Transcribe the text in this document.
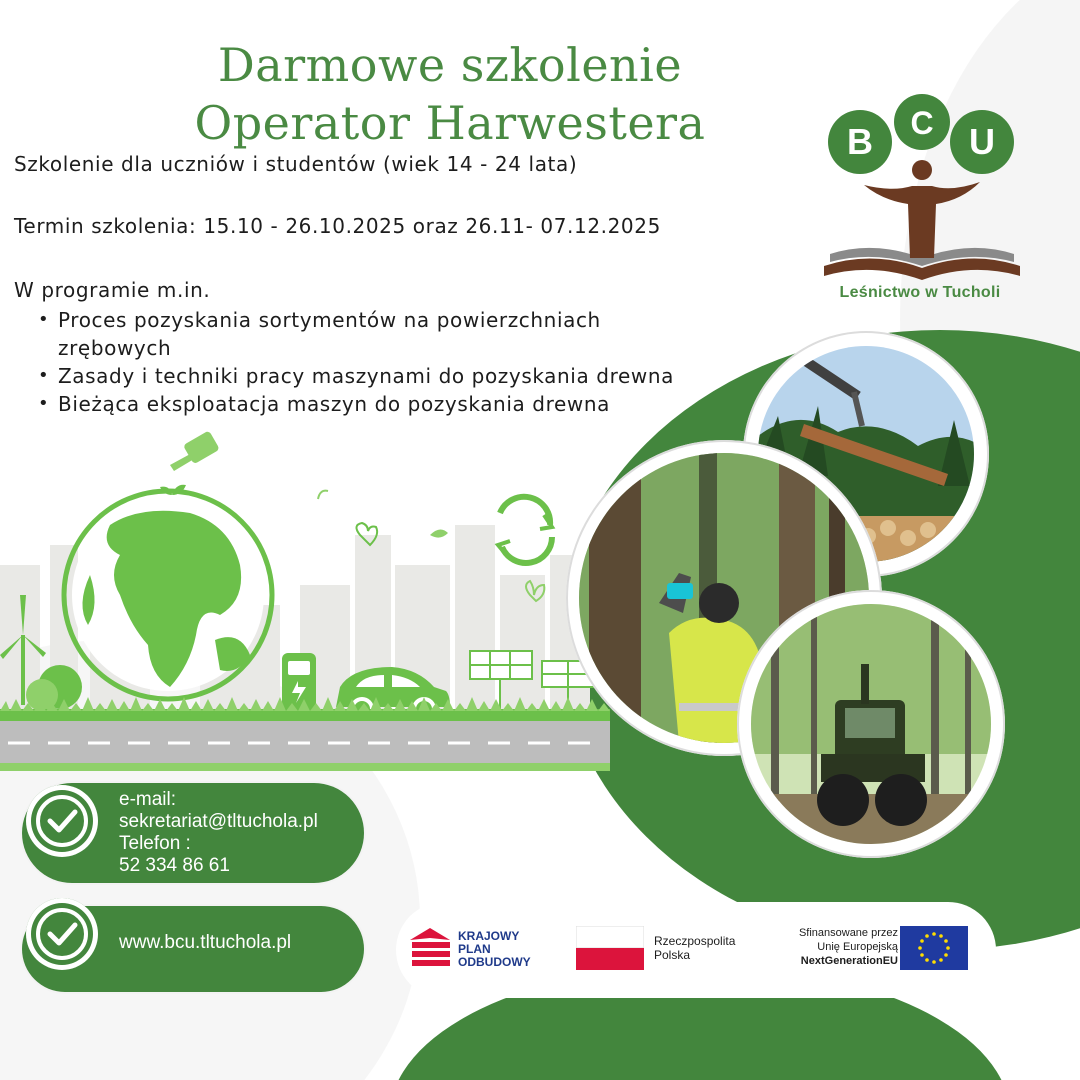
Darmowe szkolenie
Operator Harwestera
Szkolenie dla uczniów i studentów (wiek 14 - 24 lata)
Termin szkolenia: 15.10 - 26.10.2025 oraz 26.11- 07.12.2025
W programie m.in.
• Proces pozyskania sortymentów na powierzchniach zrębowych
• Zasady i techniki pracy maszynami do pozyskania drewna
• Bieżąca eksploatacja maszyn do pozyskania drewna
B C U
Leśnictwo w Tucholi
e-mail:
sekretariat@tltuchola.pl
Telefon :
52 334 86 61
www.bcu.tltuchola.pl	KRAJOWY
PLAN
ODBUDOWY
Rzeczpospolita
Polska
Sfinansowane przez
Unię Europejską
NextGenerationEU
